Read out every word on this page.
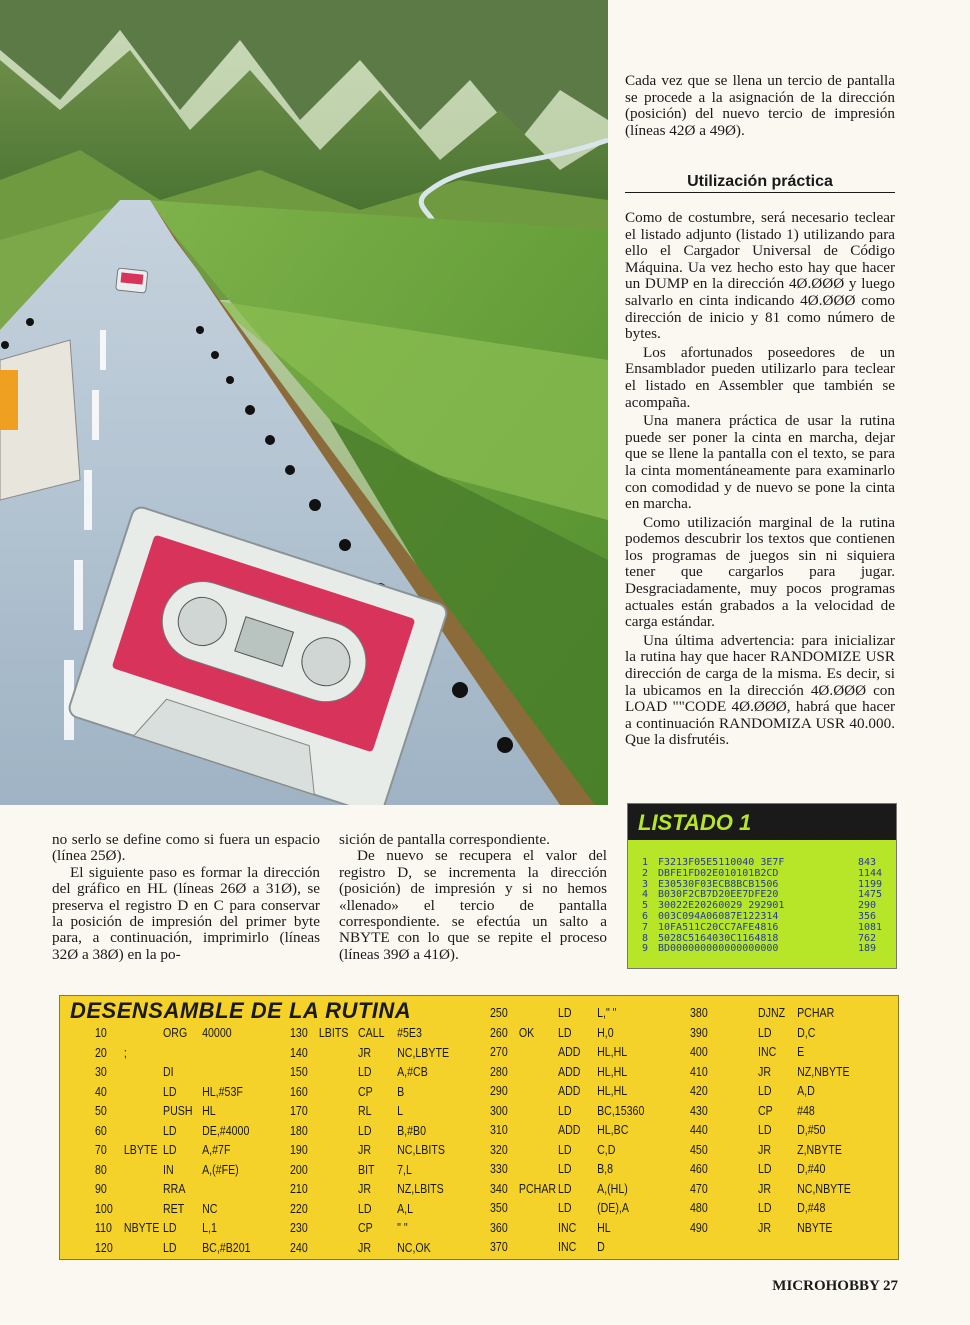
Cada vez que se llena un tercio de pantalla se procede a la asignación de la dirección (posición) del nuevo tercio de impresión (líneas 42Ø a 49Ø).

Utilización práctica

Como de costumbre, será necesario teclear el listado adjunto (listado 1) utilizando para ello el Cargador Universal de Código Máquina. Ua vez hecho esto hay que hacer un DUMP en la dirección 4Ø.ØØØ y luego salvarlo en cinta indicando 4Ø.ØØØ como dirección de inicio y 81 como número de bytes.

Los afortunados poseedores de un Ensamblador pueden utilizarlo para teclear el listado en Assembler que también se acompaña.

Una manera práctica de usar la rutina puede ser poner la cinta en marcha, dejar que se llene la pantalla con el texto, se para la cinta momentáneamente para examinarlo con comodidad y de nuevo se pone la cinta en marcha.

Como utilización marginal de la rutina podemos descubrir los textos que contienen los programas de juegos sin ni siquiera tener que cargarlos para jugar. Desgraciadamente, muy pocos programas actuales están grabados a la velocidad de carga estándar.

Una última advertencia: para inicializar la rutina hay que hacer RANDOMIZE USR dirección de carga de la misma. Es decir, si la ubicamos en la dirección 4Ø.ØØØ con LOAD ""CODE 4Ø.ØØØ, habrá que hacer a continuación RANDOMIZA USR 40.000. Que la disfrutéis.

no serlo se define como si fuera un espacio (línea 25Ø).

El siguiente paso es formar la dirección del gráfico en HL (líneas 26Ø a 31Ø), se preserva el registro D en C para conservar la posición de impresión del primer byte para, a continuación, imprimirlo (líneas 32Ø a 38Ø) en la po-

sición de pantalla correspondiente.

De nuevo se recupera el valor del registro D, se incrementa la dirección (posición) de impresión y si no hemos «llenado» el tercio de pantalla correspondiente. se efectúa un salto a NBYTE con lo que se repite el proceso (líneas 39Ø a 41Ø).

LISTADO 1
1 F3213F05E5110040 3E7F	843
2 DBFE1FD02E010101B2CD	1144
3 E30530F03ECB8BCB1506	1199
4 B030F2CB7D20EE7DFE20	1475
5 30022E20260029 292901	290
6 003C094A06087E122314	356
7 10FA511C20CC7AFE4816	1081
8 5028C5164030C1164818	762
9 BD000000000000000000	189
DESENSAMBLE DE LA RUTINA
10	ORG 40000
20 ;
30	DI
40	LD HL,#53F
50	PUSH HL
60	LD DE,#4000
70 LBYTE LD A,#7F
80	IN A,(#FE)
90	RRA
100	RET NC
110 NBYTE LD L,1
120	LD BC,#B201
130 LBITS CALL #5E3
140	JR NC,LBYTE
150	LD A,#CB
160	CP B
170	RL L
180	LD B,#B0
190	JR NC,LBITS
200	BIT 7,L
210	JR NZ,LBITS
220	LD A,L
230	CP " "
240	JR NC,OK
250	LD L," "
260 OK LD H,0
270	ADD HL,HL
280	ADD HL,HL
290	ADD HL,HL
300	LD BC,15360
310	ADD HL,BC
320	LD C,D
330	LD B,8
340 PCHAR LD A,(HL)
350	LD (DE),A
360	INC HL
370	INC D
380	DJNZ PCHAR
390	LD D,C
400	INC E
410	JR NZ,NBYTE
420	LD A,D
430	CP #48
440	LD D,#50
450	JR Z,NBYTE
460	LD D,#40
470	JR NC,NBYTE
480	LD D,#48
490	JR NBYTE
MICROHOBBY 27
